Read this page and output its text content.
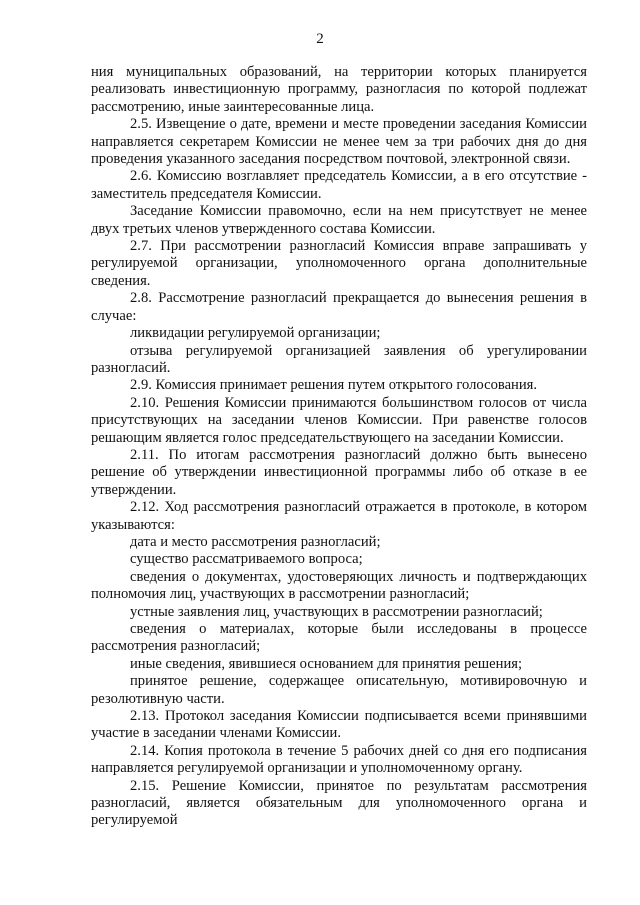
2

ния муниципальных образований, на территории которых планируется реализовать инвестиционную программу, разногласия по которой подлежат рассмотрению, иные заинтересованные лица.

2.5. Извещение о дате, времени и месте проведении заседания Комиссии направляется секретарем Комиссии не менее чем за три рабочих дня до дня проведения указанного заседания посредством почтовой, электронной связи.

2.6. Комиссию возглавляет председатель Комиссии, а в его отсутствие - заместитель председателя Комиссии.

Заседание Комиссии правомочно, если на нем присутствует не менее двух третьих членов утвержденного состава Комиссии.

2.7. При рассмотрении разногласий Комиссия вправе запрашивать у регулируемой организации, уполномоченного органа дополнительные сведения.

2.8. Рассмотрение разногласий прекращается до вынесения решения в случае:

ликвидации регулируемой организации;

отзыва регулируемой организацией заявления об урегулировании разногласий.

2.9. Комиссия принимает решения путем открытого голосования.

2.10. Решения Комиссии принимаются большинством голосов от числа присутствующих на заседании членов Комиссии. При равенстве голосов решающим является голос председательствующего на заседании Комиссии.

2.11. По итогам рассмотрения разногласий должно быть вынесено решение об утверждении инвестиционной программы либо об отказе в ее утверждении.

2.12. Ход рассмотрения разногласий отражается в протоколе, в котором указываются:

дата и место рассмотрения разногласий;

существо рассматриваемого вопроса;

сведения о документах, удостоверяющих личность и подтверждающих полномочия лиц, участвующих в рассмотрении разногласий;

устные заявления лиц, участвующих в рассмотрении разногласий;

сведения о материалах, которые были исследованы в процессе рассмотрения разногласий;

иные сведения, явившиеся основанием для принятия решения;

принятое решение, содержащее описательную, мотивировочную и резолютивную части.

2.13. Протокол заседания Комиссии подписывается всеми принявшими участие в заседании членами Комиссии.

2.14. Копия протокола в течение 5 рабочих дней со дня его подписания направляется регулируемой организации и уполномоченному органу.

2.15. Решение Комиссии, принятое по результатам рассмотрения разногласий, является обязательным для уполномоченного органа и регулируемой
